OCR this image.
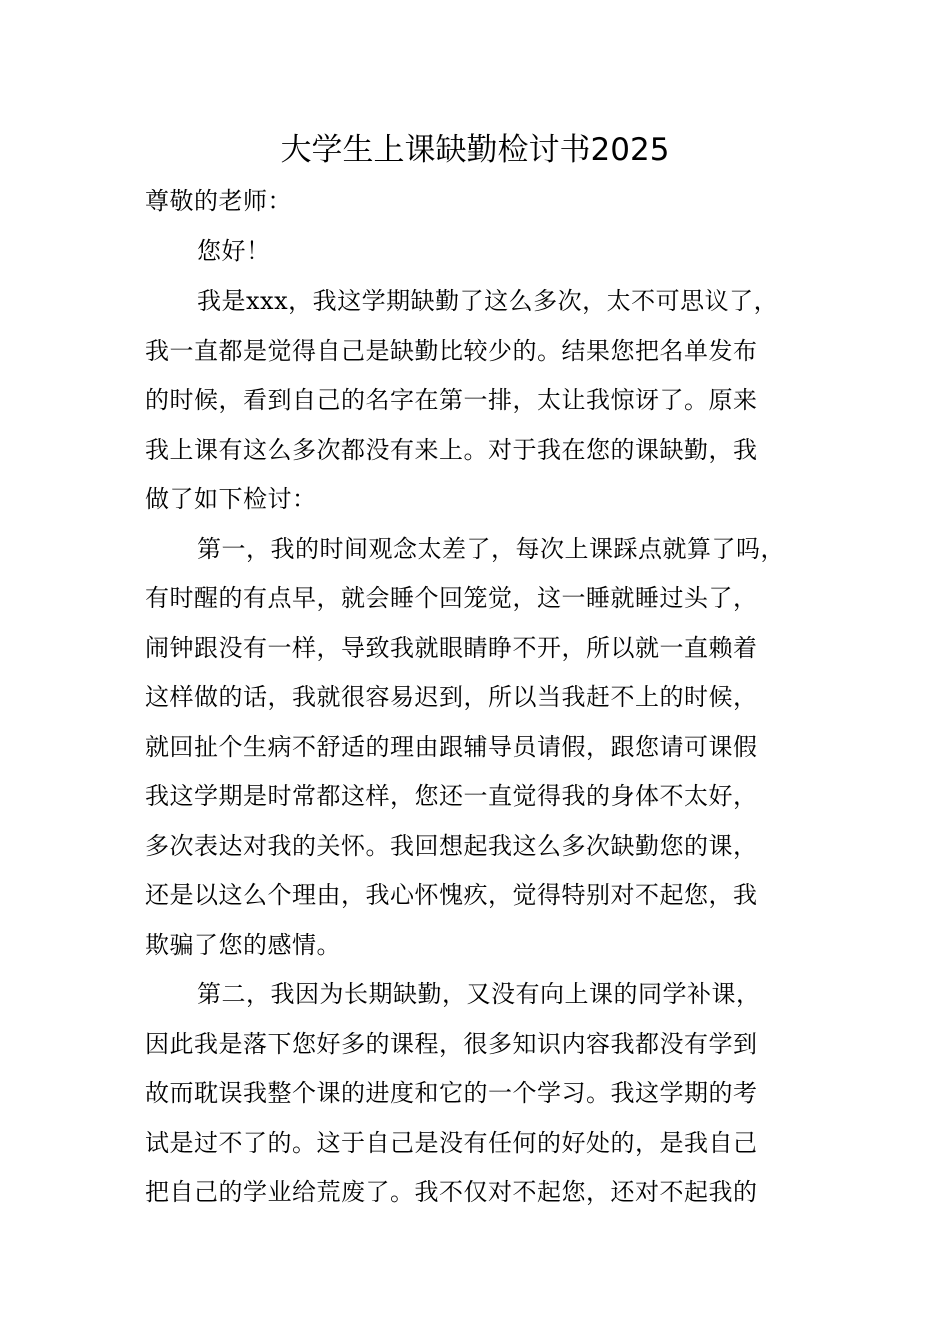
大学生上课缺勤检讨书2025
尊敬的老师：
您好！
我是xxx，我这学期缺勤了这么多次，太不可思议了，
我一直都是觉得自己是缺勤比较少的。结果您把名单发布
的时候，看到自己的名字在第一排，太让我惊讶了。原来
我上课有这么多次都没有来上。对于我在您的课缺勤，我
做了如下检讨：
第一，我的时间观念太差了，每次上课踩点就算了吗，
有时醒的有点早，就会睡个回笼觉，这一睡就睡过头了，
闹钟跟没有一样，导致我就眼睛睁不开，所以就一直赖着
这样做的话，我就很容易迟到，所以当我赶不上的时候，
就回扯个生病不舒适的理由跟辅导员请假，跟您请可课假
我这学期是时常都这样，您还一直觉得我的身体不太好，
多次表达对我的关怀。我回想起我这么多次缺勤您的课，
还是以这么个理由，我心怀愧疚，觉得特别对不起您，我
欺骗了您的感情。
第二，我因为长期缺勤，又没有向上课的同学补课，
因此我是落下您好多的课程，很多知识内容我都没有学到
故而耽误我整个课的进度和它的一个学习。我这学期的考
试是过不了的。这于自己是没有任何的好处的，是我自己
把自己的学业给荒废了。我不仅对不起您，还对不起我的
